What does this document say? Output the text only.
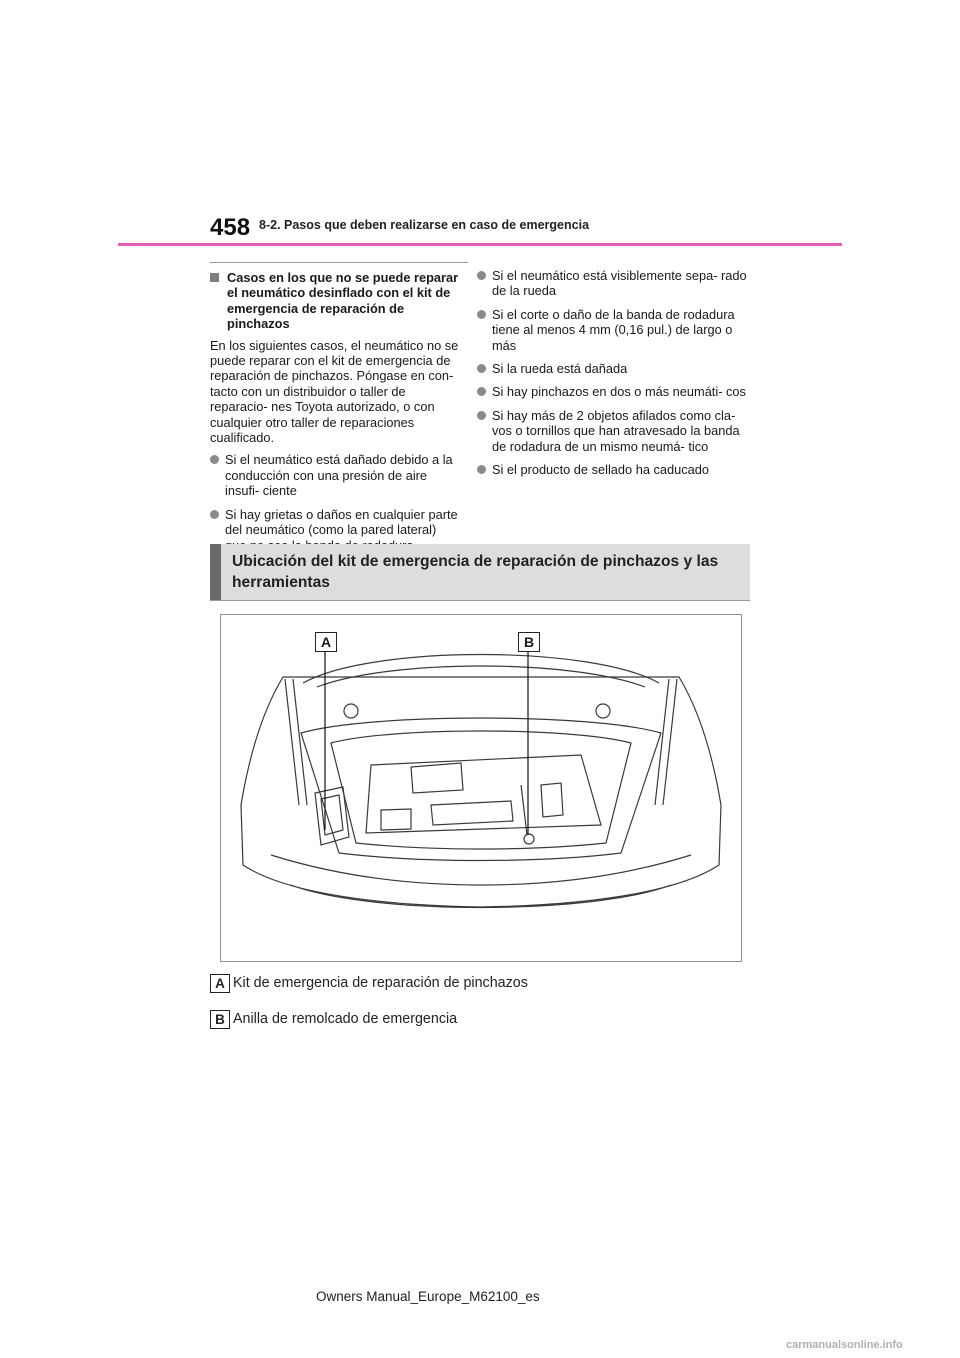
458 8-2. Pasos que deben realizarse en caso de emergencia
Casos en los que no se puede reparar el neumático desinflado con el kit de emergencia de reparación de pinchazos

En los siguientes casos, el neumático no se puede reparar con el kit de emergencia de reparación de pinchazos. Póngase en con- tacto con un distribuidor o taller de reparacio- nes Toyota autorizado, o con cualquier otro taller de reparaciones cualificado.

Si el neumático está dañado debido a la conducción con una presión de aire insufi- ciente
Si hay grietas o daños en cualquier parte del neumático (como la pared lateral)
Si el neumático está visiblemente sepa- rado de la rueda
Si el corte o daño de la banda de rodadura tiene al menos 4 mm (0,16 pul.) de largo o más
Si la rueda está dañada
Si hay pinchazos en dos o más neumáti- cos
Si hay más de 2 objetos afilados como cla- vos o tornillos que han atravesado la banda de rodadura de un mismo neumá- tico
Si el producto de sellado ha caducado
Ubicación del kit de emergencia de reparación de pinchazos y las herramientas
A	B
A Kit de emergencia de reparación de pinchazos
B Anilla de remolcado de emergencia
Owners Manual_Europe_M62100_es
carmanualsonline.info
